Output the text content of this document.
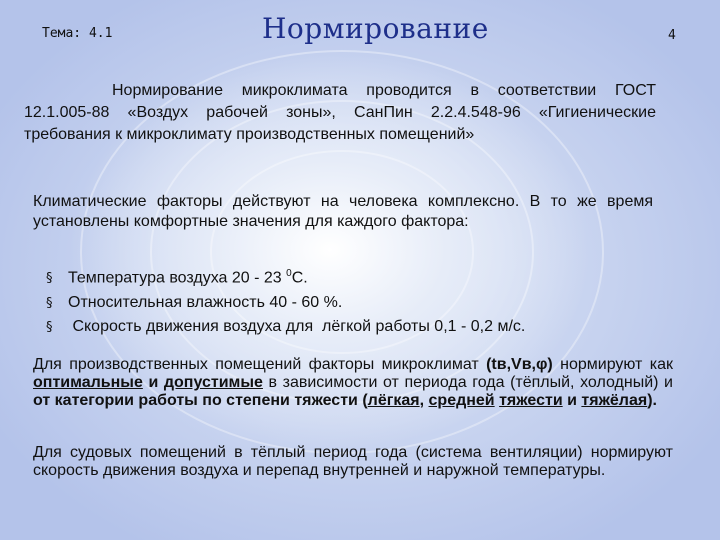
Тема: 4.1	Нормирование	4
Нормирование микроклимата проводится в соответствии ГОСТ 12.1.005-88 «Воздух рабочей зоны», СанПин 2.2.4.548-96 «Гигиенические требования к микроклимату производственных помещений»
Климатические факторы действуют на человека комплексно. В то же время установлены комфортные значения для каждого фактора:
§ Температура воздуха 20 - 23 $^0$С.
§ Относительная влажность 40 - 60 %.
§ Скорость движения воздуха для  лёгкой работы 0,1 - 0,2 м/с.
Для производственных помещений факторы микроклимат (tв,Vв,φ) нормируют как оптимальные и допустимые в зависимости от периода года (тёплый, холодный) и от категории работы по степени тяжести (лёгкая, средней тяжести и тяжёлая).
Для судовых помещений в тёплый период года (система вентиляции) нормируют скорость движения воздуха и перепад внутренней и наружной температуры.
